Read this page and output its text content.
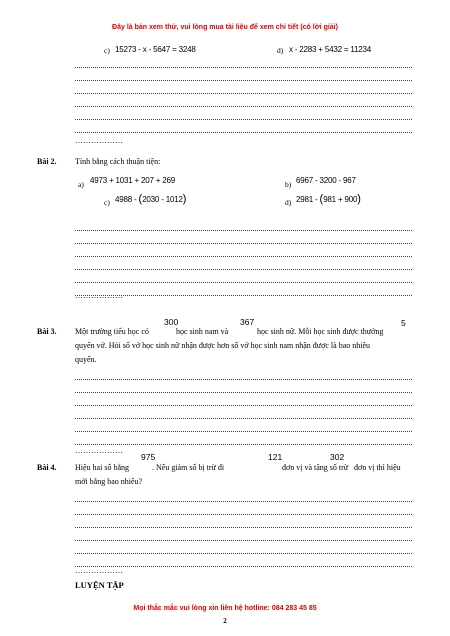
Đây là bản xem thử, vui lòng mua tài liệu để xem chi tiết (có lời giải)
c) 15273 - x - 5647 = 3248	d) x - 2283 + 5432 = 11234
………………
Bài 2. Tính bằng cách thuận tiện:
a) 4973 + 1031 + 207 + 269	b) 6967 - 3200 - 967
c) 4988 - (2030 - 1012)	d) 2981 - (981 + 900)
………………
300	367	5
Bài 3. Một trường tiểu học có	học sinh nam và	học sinh nữ. Mỗi học sinh được thưởng
quyển vở. Hỏi số vở học sinh nữ nhận được hơn số vở học sinh nam nhận được là bao nhiêu
quyển.
………………
975	121	302
Bài 4. Hiệu hai số bằng	. Nếu giảm số bị trừ đi	đơn vị và tăng số trừ đơn vị thì hiệu
mới bằng bao nhiêu?
………………
LUYỆN TẬP
Mọi thắc mắc vui lòng xin liên hệ hotline: 084 283 45 85
2
